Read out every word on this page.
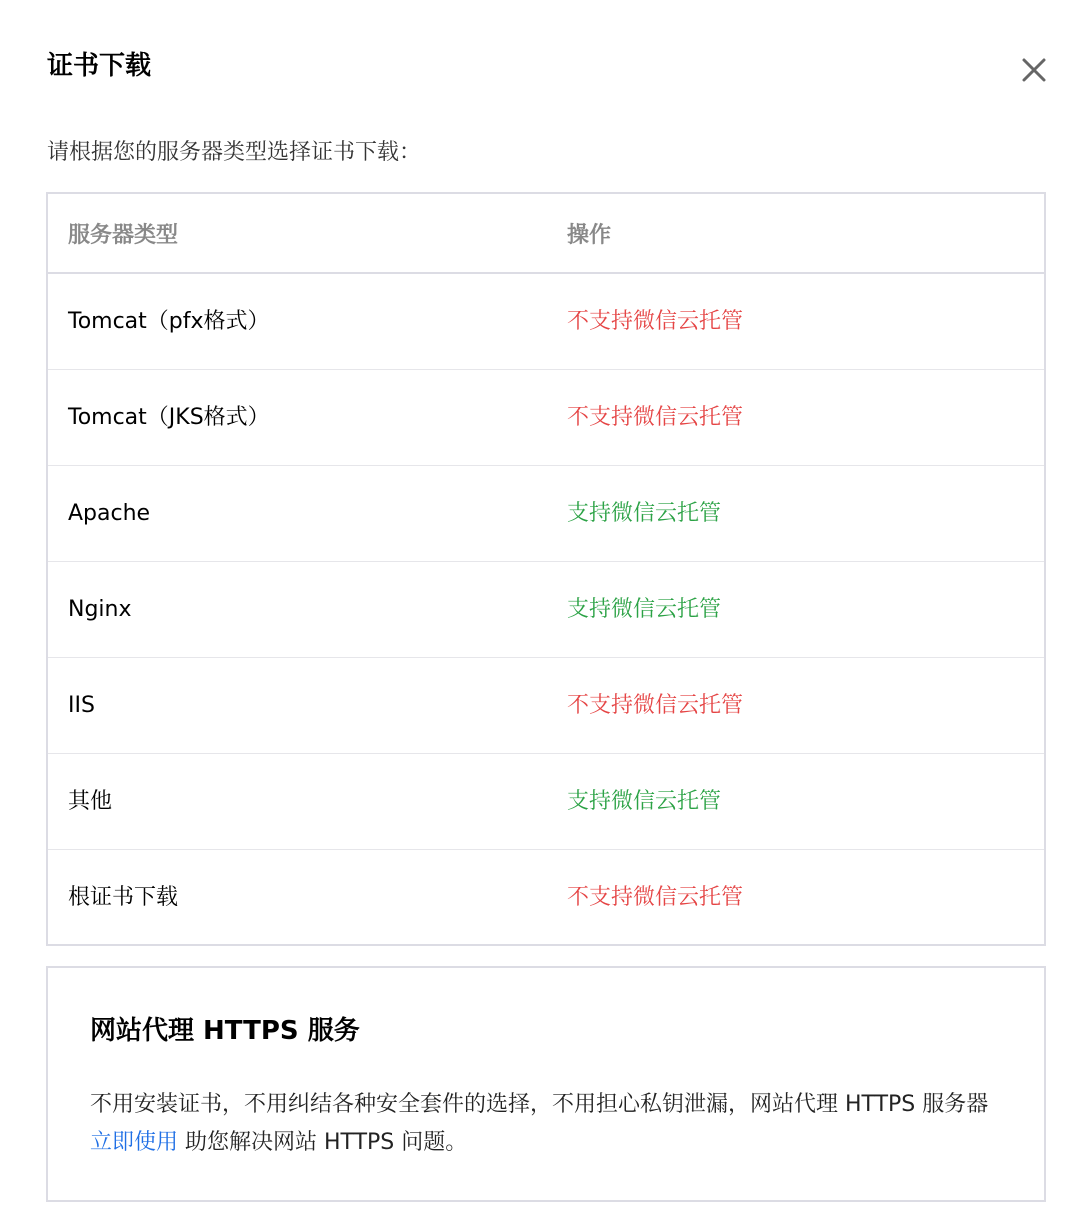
证书下载
请根据您的服务器类型选择证书下载：
服务器类型	操作
Tomcat（pfx格式）	不支持微信云托管
Tomcat（JKS格式）	不支持微信云托管
Apache	支持微信云托管
Nginx	支持微信云托管
IIS	不支持微信云托管
其他	支持微信云托管
根证书下载	不支持微信云托管
网站代理 HTTPS 服务
不用安装证书，不用纠结各种安全套件的选择，不用担心私钥泄漏，网站代理 HTTPS 服务器 立即使用 助您解决网站 HTTPS 问题。
